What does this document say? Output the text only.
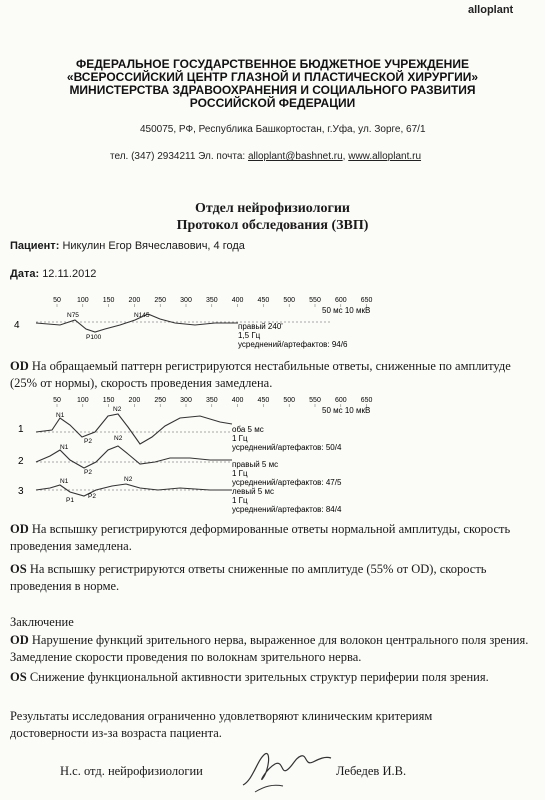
alloplant
ФЕДЕРАЛЬНОЕ ГОСУДАРСТВЕННОЕ БЮДЖЕТНОЕ УЧРЕЖДЕНИЕ
«ВСЕРОССИЙСКИЙ ЦЕНТР ГЛАЗНОЙ И ПЛАСТИЧЕСКОЙ ХИРУРГИИ»
МИНИСТЕРСТВА ЗДРАВООХРАНЕНИЯ И СОЦИАЛЬНОГО РАЗВИТИЯ
РОССИЙСКОЙ ФЕДЕРАЦИИ
450075, РФ, Республика Башкортостан, г.Уфа, ул. Зорге, 67/1
тел. (347) 2934211 Эл. почта: alloplant@bashnet.ru, www.alloplant.ru
Отдел нейрофизиологии
Протокол обследования (ЗВП)
Пациент: Никулин Егор Вячеславович, 4 года
Дата: 12.11.2012
50 100 150 200 250 300 350 400 450 500 550 600 650
50 мс 10 мкВ
4
N75	N145
P100
правый 240'
1,5 Гц
усреднений/артефактов: 94/6
OD На обращаемый паттерн регистрируются нестабильные ответы, сниженные по амплитуде (25% от нормы), скорость проведения замедлена.
50 100 150 200 250 300 350 400 450 500 550 600 650
50 мс 10 мкВ
1
N1
N2
P2
2
N1
N2
P2
3
N1	N2
P1
P2
оба 5 мс
1 Гц
усреднений/артефактов: 50/4
правый 5 мс
1 Гц
усреднений/артефактов: 47/5
левый 5 мс
1 Гц
усреднений/артефактов: 84/4
OD На вспышку регистрируются деформированные ответы нормальной амплитуды, скорость проведения замедлена.
OS На вспышку регистрируются ответы сниженные по амплитуде (55% от OD), скорость проведения в норме.
Заключение
OD Нарушение функций зрительного нерва, выраженное для волокон центрального поля зрения. Замедление скорости проведения по волокнам зрительного нерва.
OS Снижение функциональной активности зрительных структур периферии поля зрения.
Результаты исследования ограниченно удовлетворяют клиническим критериям достоверности из-за возраста пациента.
Н.с. отд. нейрофизиологии	Лебедев И.В.
